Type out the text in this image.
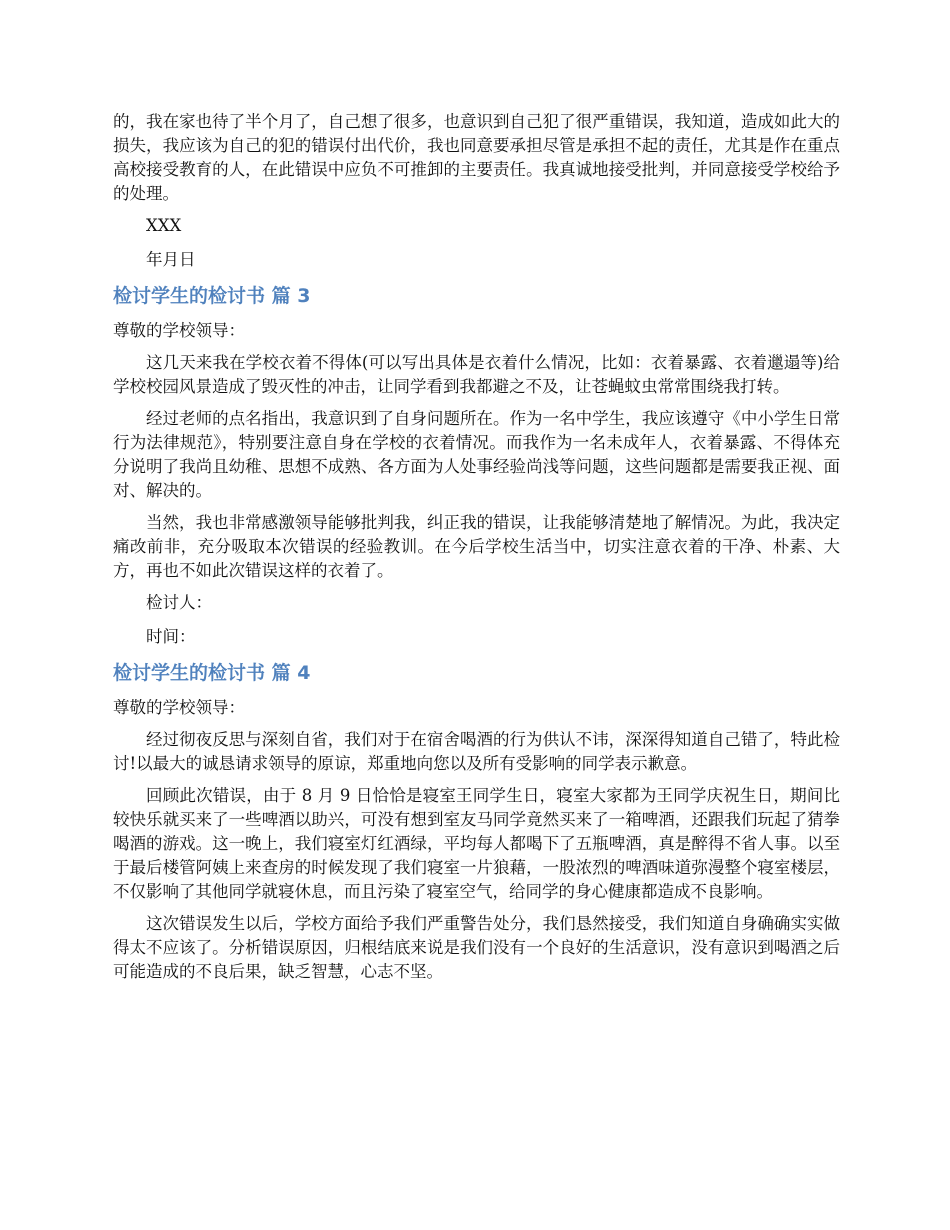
的，我在家也待了半个月了，自己想了很多，也意识到自己犯了很严重错误，我知道，造成如此大的损失，我应该为自己的犯的错误付出代价，我也同意要承担尽管是承担不起的责任，尤其是作在重点高校接受教育的人，在此错误中应负不可推卸的主要责任。我真诚地接受批判，并同意接受学校给予的处理。

XXX

年月日

检讨学生的检讨书 篇 3

尊敬的学校领导：

这几天来我在学校衣着不得体(可以写出具体是衣着什么情况，比如：衣着暴露、衣着邋遢等)给学校校园风景造成了毁灭性的冲击，让同学看到我都避之不及，让苍蝇蚊虫常常围绕我打转。

经过老师的点名指出，我意识到了自身问题所在。作为一名中学生，我应该遵守《中小学生日常行为法律规范》，特别要注意自身在学校的衣着情况。而我作为一名未成年人，衣着暴露、不得体充分说明了我尚且幼稚、思想不成熟、各方面为人处事经验尚浅等问题，这些问题都是需要我正视、面对、解决的。

当然，我也非常感激领导能够批判我，纠正我的错误，让我能够清楚地了解情况。为此，我决定痛改前非，充分吸取本次错误的经验教训。在今后学校生活当中，切实注意衣着的干净、朴素、大方，再也不如此次错误这样的衣着了。

检讨人：

时间：

检讨学生的检讨书 篇 4

尊敬的学校领导：

经过彻夜反思与深刻自省，我们对于在宿舍喝酒的行为供认不讳，深深得知道自己错了，特此检讨!以最大的诚恳请求领导的原谅，郑重地向您以及所有受影响的同学表示歉意。

回顾此次错误，由于 8 月 9 日恰恰是寝室王同学生日，寝室大家都为王同学庆祝生日，期间比较快乐就买来了一些啤酒以助兴，可没有想到室友马同学竟然买来了一箱啤酒，还跟我们玩起了猜拳喝酒的游戏。这一晚上，我们寝室灯红酒绿，平均每人都喝下了五瓶啤酒，真是醉得不省人事。以至于最后楼管阿姨上来查房的时候发现了我们寝室一片狼藉，一股浓烈的啤酒味道弥漫整个寝室楼层，不仅影响了其他同学就寝休息，而且污染了寝室空气，给同学的身心健康都造成不良影响。

这次错误发生以后，学校方面给予我们严重警告处分，我们恳然接受，我们知道自身确确实实做得太不应该了。分析错误原因，归根结底来说是我们没有一个良好的生活意识，没有意识到喝酒之后可能造成的不良后果，缺乏智慧，心志不坚。
